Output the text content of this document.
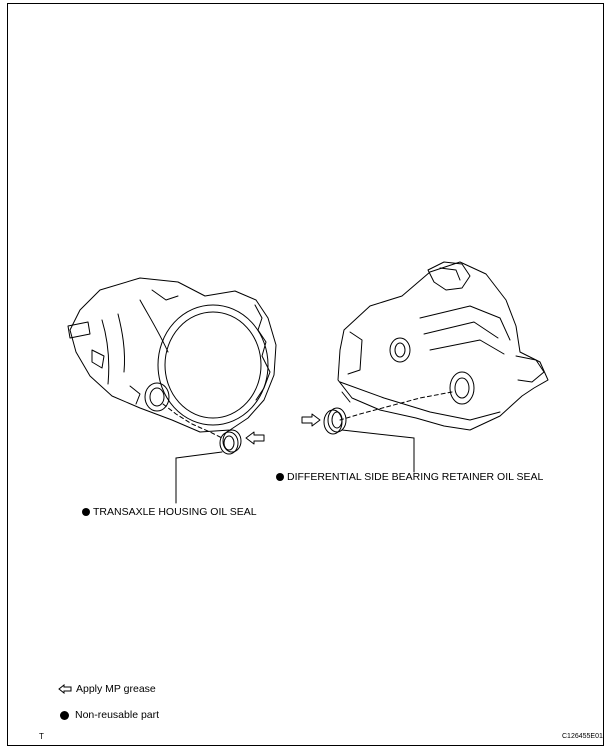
DIFFERENTIAL SIDE BEARING RETAINER OIL SEAL
TRANSAXLE HOUSING OIL SEAL
Apply MP grease
Non-reusable part
T	C126455E01
